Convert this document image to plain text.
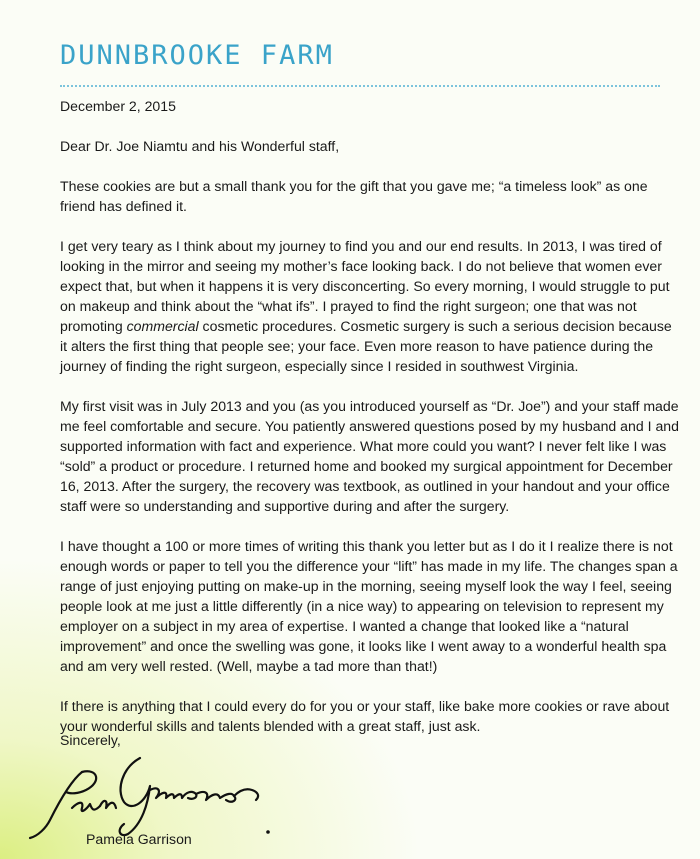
DUNNBROOKE FARM

December 2, 2015

Dear Dr. Joe Niamtu and his Wonderful staff,

These cookies are but a small thank you for the gift that you gave me; “a timeless look” as one friend has defined it.

I get very teary as I think about my journey to find you and our end results. In 2013, I was tired of looking in the mirror and seeing my mother’s face looking back. I do not believe that women ever expect that, but when it happens it is very disconcerting. So every morning, I would struggle to put on makeup and think about the “what ifs”. I prayed to find the right surgeon; one that was not promoting commercial cosmetic procedures. Cosmetic surgery is such a serious decision because it alters the first thing that people see; your face. Even more reason to have patience during the journey of finding the right surgeon, especially since I resided in southwest Virginia.

My first visit was in July 2013 and you (as you introduced yourself as “Dr. Joe”) and your staff made me feel comfortable and secure. You patiently answered questions posed by my husband and I and supported information with fact and experience. What more could you want? I never felt like I was “sold” a product or procedure. I returned home and booked my surgical appointment for December 16, 2013. After the surgery, the recovery was textbook, as outlined in your handout and your office staff were so understanding and supportive during and after the surgery.

I have thought a 100 or more times of writing this thank you letter but as I do it I realize there is not enough words or paper to tell you the difference your “lift” has made in my life. The changes span a range of just enjoying putting on make-up in the morning, seeing myself look the way I feel, seeing people look at me just a little differently (in a nice way) to appearing on television to represent my employer on a subject in my area of expertise. I wanted a change that looked like a “natural improvement” and once the swelling was gone, it looks like I went away to a wonderful health spa and am very well rested. (Well, maybe a tad more than that!)

If there is anything that I could every do for you or your staff, like bake more cookies or rave about your wonderful skills and talents blended with a great staff, just ask.

Sincerely,

Pamela Garrison
